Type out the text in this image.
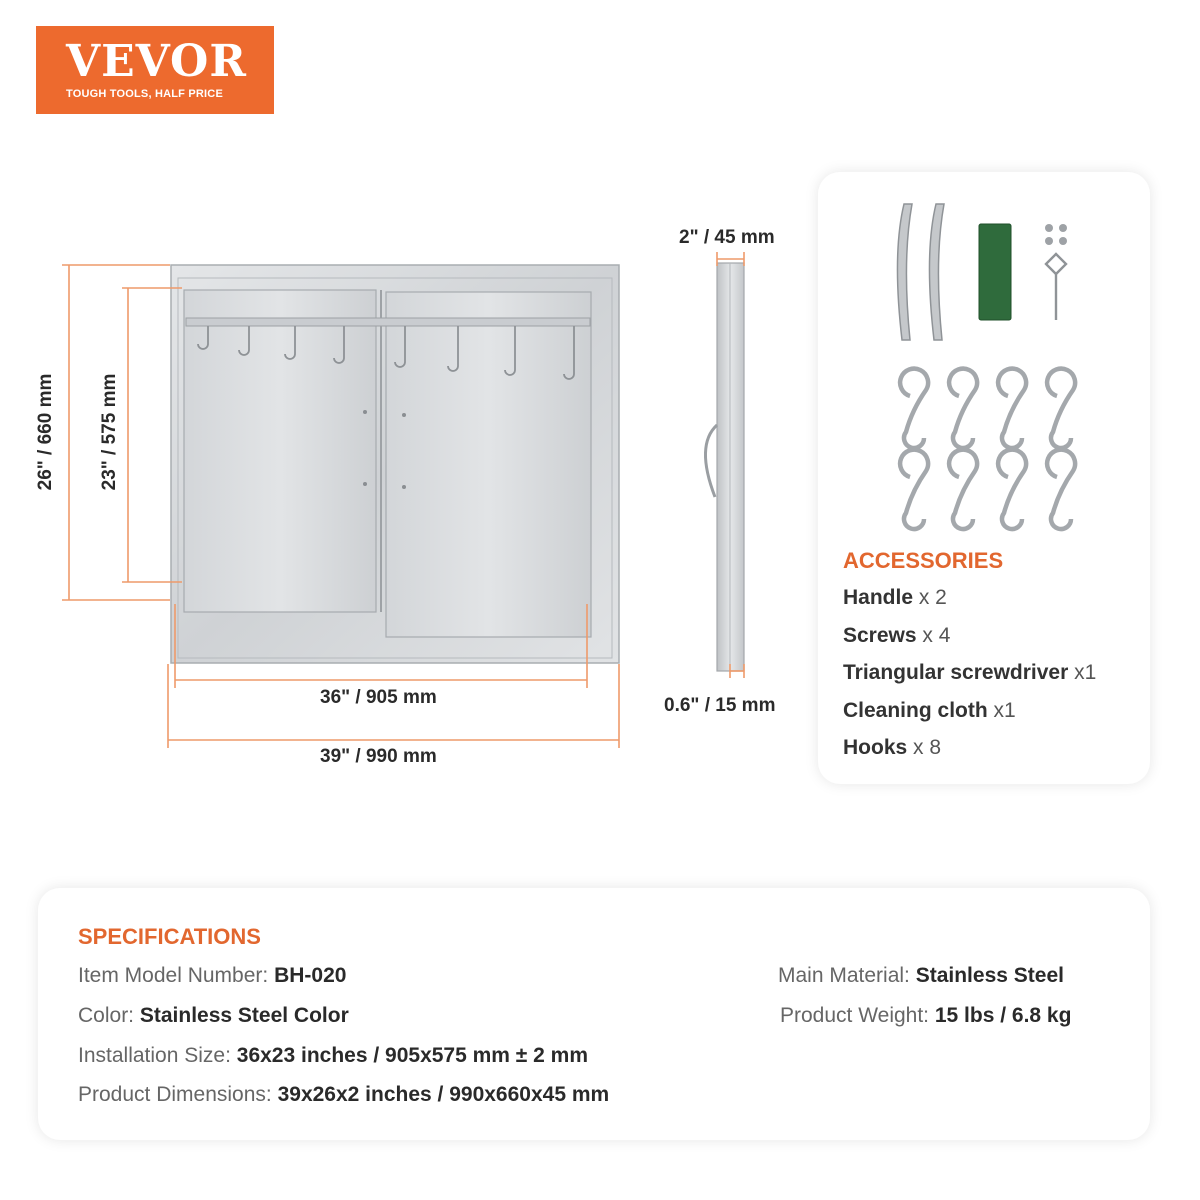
VEVOR	®
TOUGH TOOLS, HALF PRICE
26" / 660 mm 23" / 575 mm
36" / 905 mm
39" / 990 mm
2" / 45 mm
0.6" / 15 mm
ACCESSORIES
Handle x 2
Screws x 4
Triangular screwdriver x1
Cleaning cloth x1
Hooks x 8
SPECIFICATIONS
Item Model Number: BH-020
Color: Stainless Steel Color
Installation Size: 36x23 inches / 905x575 mm ± 2 mm
Product Dimensions: 39x26x2 inches / 990x660x45 mm
Main Material: Stainless Steel
Product Weight: 15 lbs / 6.8 kg
